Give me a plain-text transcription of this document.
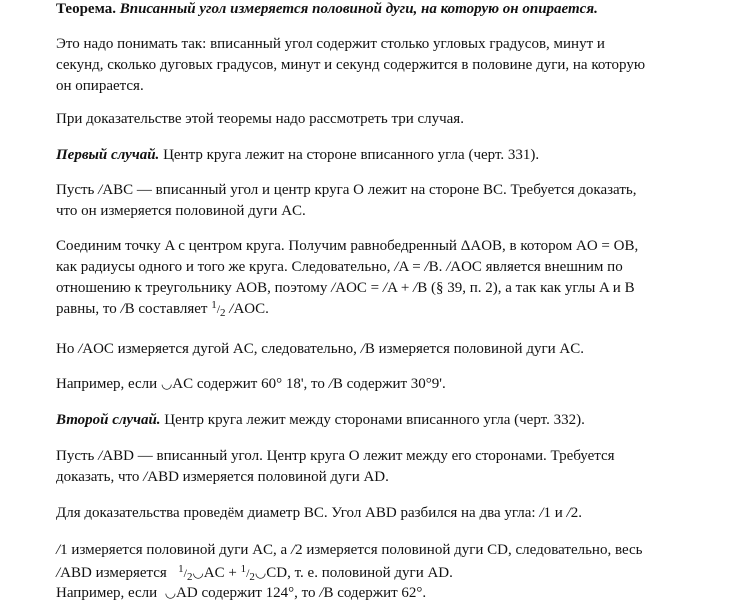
Теорема. Вписанный угол измеряется половиной дуги, на которую он опирается.

Это надо понимать так: вписанный угол содержит столько угловых градусов, минут и секунд, сколько дуговых градусов, минут и секунд содержится в половине дуги, на которую он опирается.

При доказательстве этой теоремы надо рассмотреть три случая.

Первый случай. Центр круга лежит на стороне вписанного угла (черт. 331).

Пусть /ABC — вписанный угол и центр круга O лежит на стороне BC. Требуется доказать, что он измеряется половиной дуги AC.

Соединим точку A с центром круга. Получим равнобедренный ΔAOB, в котором AO = OB, как радиусы одного и того же круга. Следовательно, /A = /B. /AOC является внешним по отношению к треугольнику AOB, поэтому /AOC = /A + /B (§ 39, п. 2), а так как углы A и B равны, то /B составляет $^1/_2$ /AOC.

Но /AOC измеряется дугой AC, следовательно, /B измеряется половиной дуги AC.

Например, если ◡AC содержит 60° 18', то /B содержит 30°9'.

Второй случай. Центр круга лежит между сторонами вписанного угла (черт. 332).

Пусть /ABD — вписанный угол. Центр круга O лежит между его сторонами. Требуется доказать, что /ABD измеряется половиной дуги AD.

Для доказательства проведём диаметр BC. Угол ABD разбился на два угла: /1 и /2.

/1 измеряется половиной дуги AC, а /2 измеряется половиной дуги CD, следовательно, весь /ABD измеряется   $^1/_2◡AC$ + $^1/_2◡CD$, т. е. половиной дуги AD.

Например, если  ◡AD содержит 124°, то /B содержит 62°.
